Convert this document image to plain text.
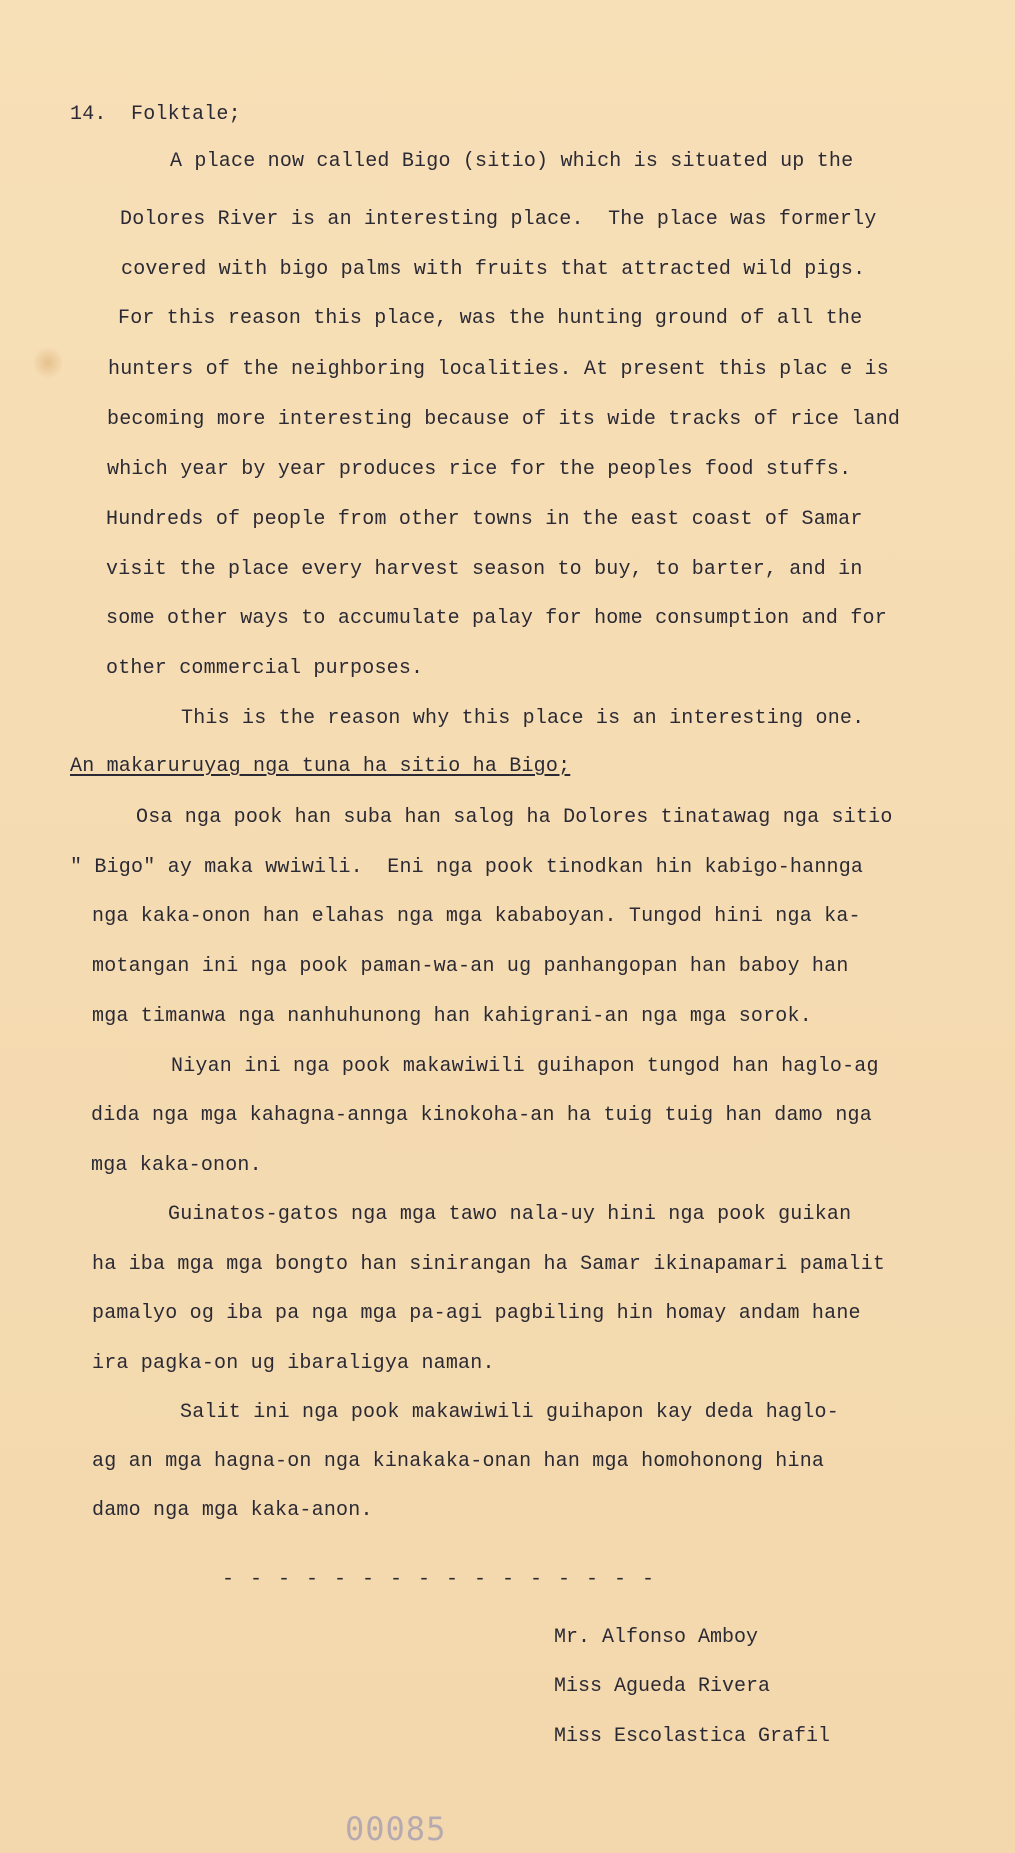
14.  Folktale;
A place now called Bigo (sitio) which is situated up the
Dolores River is an interesting place.  The place was formerly
covered with bigo palms with fruits that attracted wild pigs.
For this reason this place, was the hunting ground of all the
hunters of the neighboring localities. At present this plac e is
becoming more interesting because of its wide tracks of rice land
which year by year produces rice for the peoples food stuffs.
Hundreds of people from other towns in the east coast of Samar
visit the place every harvest season to buy, to barter, and in
some other ways to accumulate palay for home consumption and for
other commercial purposes.
This is the reason why this place is an interesting one.
An makaruruyag nga tuna ha sitio ha Bigo;
Osa nga pook han suba han salog ha Dolores tinatawag nga sitio
" Bigo" ay maka wwiwili.  Eni nga pook tinodkan hin kabigo-hannga
nga kaka-onon han elahas nga mga kababoyan. Tungod hini nga ka-
motangan ini nga pook paman-wa-an ug panhangopan han baboy han
mga timanwa nga nanhuhunong han kahigrani-an nga mga sorok.
Niyan ini nga pook makawiwili guihapon tungod han haglo-ag
dida nga mga kahagna-annga kinokoha-an ha tuig tuig han damo nga
mga kaka-onon.
Guinatos-gatos nga mga tawo nala-uy hini nga pook guikan
ha iba mga mga bongto han sinirangan ha Samar ikinapamari pamalit
pamalyo og iba pa nga mga pa-agi pagbiling hin homay andam hane
ira pagka-on ug ibaraligya naman.
Salit ini nga pook makawiwili guihapon kay deda haglo-
ag an mga hagna-on nga kinakaka-onan han mga homohonong hina
damo nga mga kaka-anon.
- - - - - - - - - - - - - - - -
Mr. Alfonso Amboy
Miss Agueda Rivera
Miss Escolastica Grafil
00085
